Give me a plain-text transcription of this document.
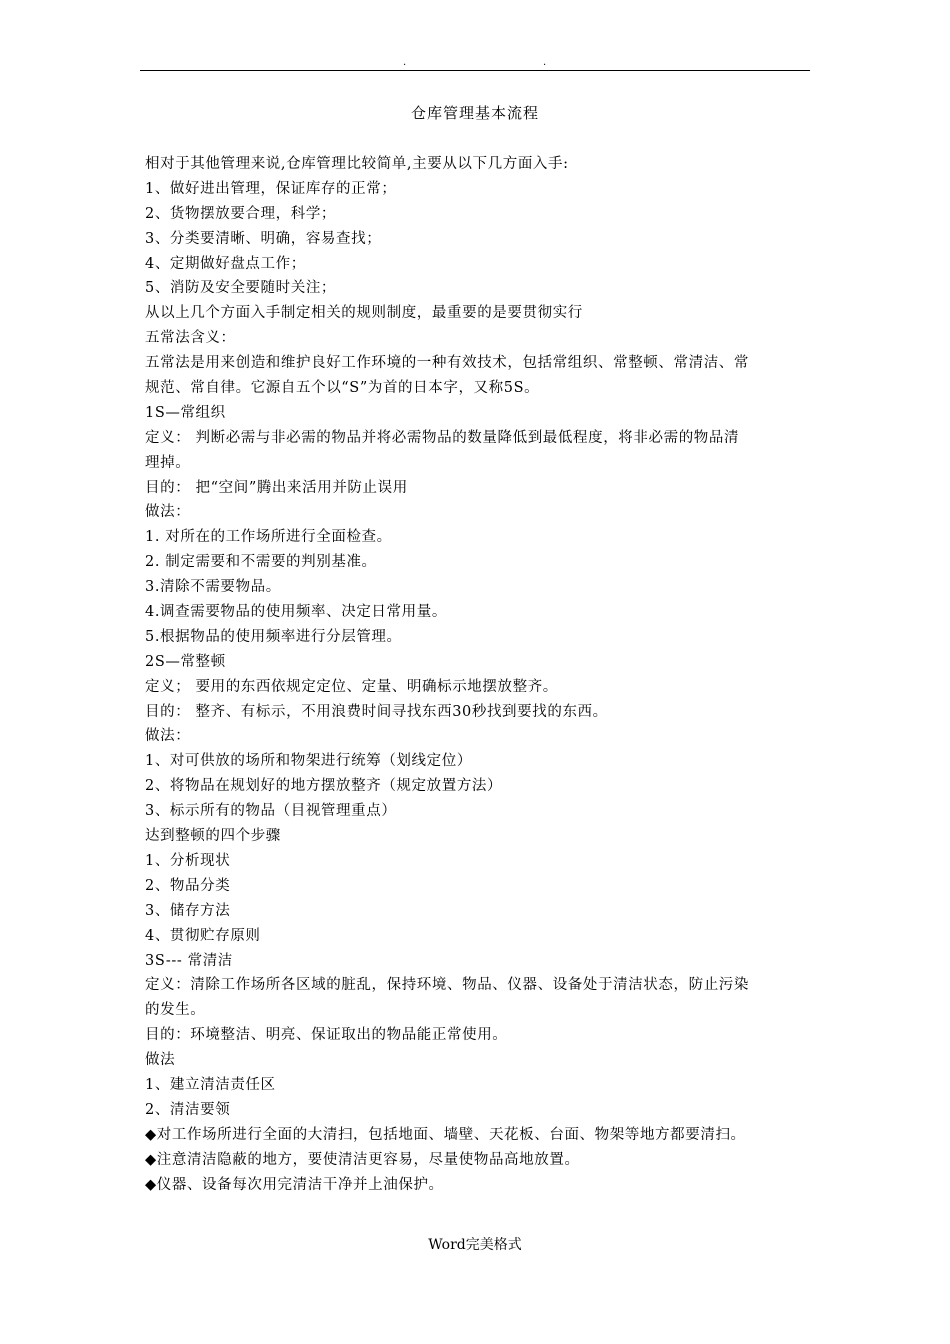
.	.
仓库管理基本流程
相对于其他管理来说,仓库管理比较简单,主要从以下几方面入手:
1、做好进出管理，保证库存的正常；
2、货物摆放要合理，科学；
3、分类要清晰、明确，容易查找；
4、定期做好盘点工作；
5、消防及安全要随时关注；
从以上几个方面入手制定相关的规则制度，最重要的是要贯彻实行
五常法含义：
五常法是用来创造和维护良好工作环境的一种有效技术，包括常组织、常整顿、常清洁、常
规范、常自律。它源自五个以“S”为首的日本字，又称5S。
1S—常组织
定义： 判断必需与非必需的物品并将必需物品的数量降低到最低程度，将非必需的物品清
理掉。
目的： 把“空间”腾出来活用并防止误用
做法：
1. 对所在的工作场所进行全面检查。
2. 制定需要和不需要的判别基准。
3.清除不需要物品。
4.调查需要物品的使用频率、决定日常用量。
5.根据物品的使用频率进行分层管理。
2S—常整顿
定义； 要用的东西依规定定位、定量、明确标示地摆放整齐。
目的： 整齐、有标示，不用浪费时间寻找东西30秒找到要找的东西。
做法：
1、对可供放的场所和物架进行统筹（划线定位）
2、将物品在规划好的地方摆放整齐（规定放置方法）
3、标示所有的物品（目视管理重点）
达到整顿的四个步骤
1、分析现状
2、物品分类
3、储存方法
4、贯彻贮存原则
3S--- 常清洁
定义：清除工作场所各区域的脏乱，保持环境、物品、仪器、设备处于清洁状态，防止污染
的发生。
目的：环境整洁、明亮、保证取出的物品能正常使用。
做法
1、建立清洁责任区
2、清洁要领
◆对工作场所进行全面的大清扫，包括地面、墙壁、天花板、台面、物架等地方都要清扫。
◆注意清洁隐蔽的地方，要使清洁更容易，尽量使物品高地放置。
◆仪器、设备每次用完清洁干净并上油保护。
Word完美格式
